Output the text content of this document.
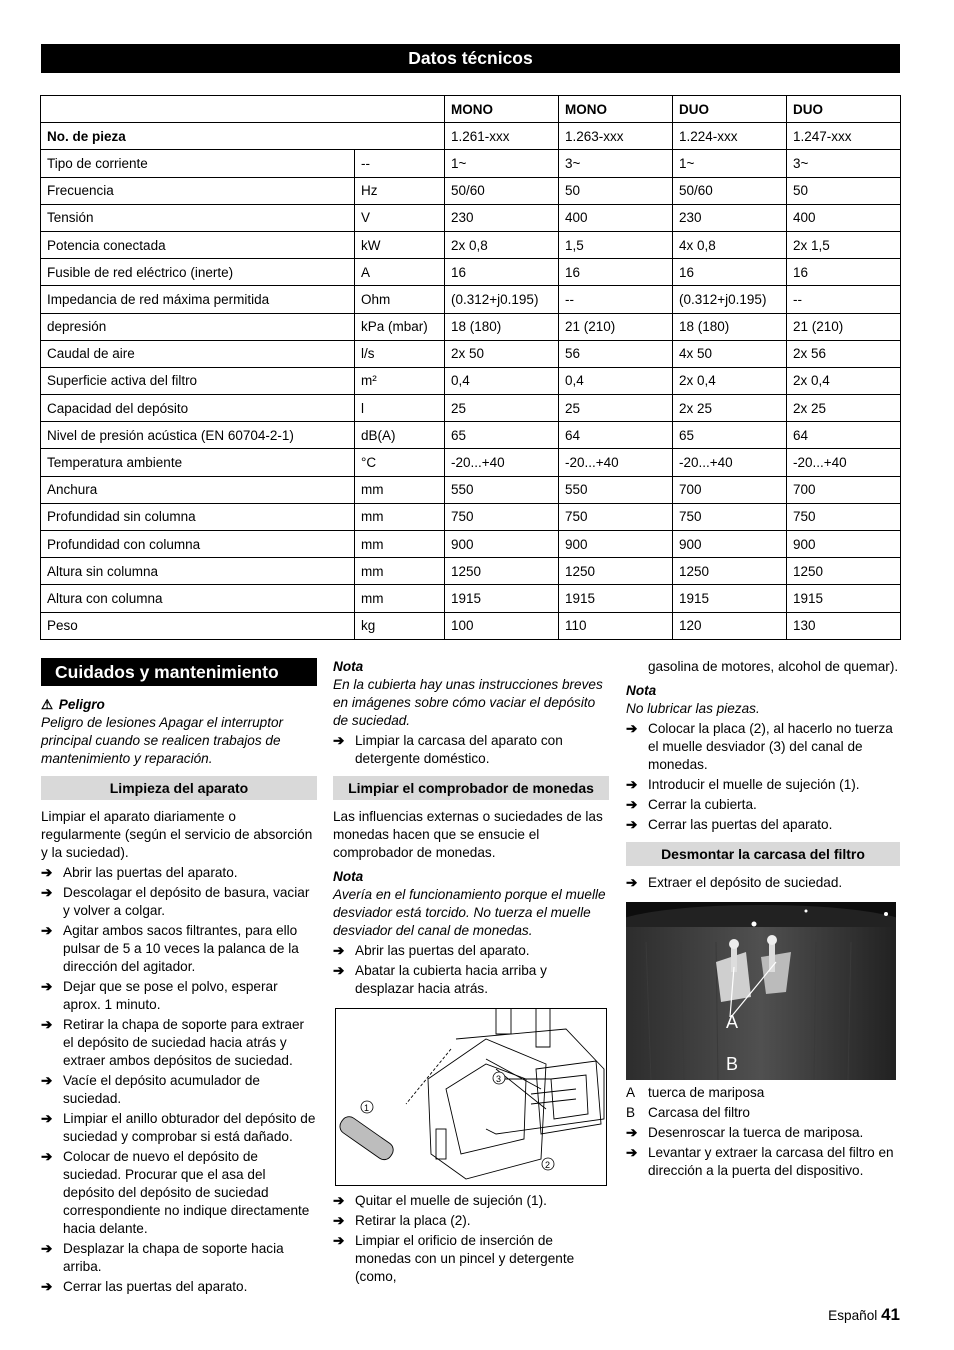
Datos técnicos
		MONO	MONO	DUO	DUO
No. de pieza		1.261-xxx	1.263-xxx	1.224-xxx	1.247-xxx
Tipo de corriente	--	1~	3~	1~	3~
Frecuencia	Hz	50/60	50	50/60	50
Tensión	V	230	400	230	400
Potencia conectada	kW	2x 0,8	1,5	4x 0,8	2x 1,5
Fusible de red eléctrico (inerte)	A	16	16	16	16
Impedancia de red máxima permitida	Ohm	(0.312+j0.195)	--	(0.312+j0.195)	--
depresión	kPa (mbar)	18 (180)	21 (210)	18 (180)	21 (210)
Caudal de aire	l/s	2x 50	56	4x 50	2x 56
Superficie activa del filtro	m²	0,4	0,4	2x 0,4	2x 0,4
Capacidad del depósito	l	25	25	2x 25	2x 25
Nivel de presión acústica (EN 60704-2-1)	dB(A)	65	64	65	64
Temperatura ambiente	°C	-20...+40	-20...+40	-20...+40	-20...+40
Anchura	mm	550	550	700	700
Profundidad sin columna	mm	750	750	750	750
Profundidad con columna	mm	900	900	900	900
Altura sin columna	mm	1250	1250	1250	1250
Altura con columna	mm	1915	1915	1915	1915
Peso	kg	100	110	120	130
Cuidados y mantenimiento
⚠ Peligro
Peligro de lesiones Apagar el interruptor principal cuando se realicen trabajos de mantenimiento y reparación.
Limpieza del aparato
Limpiar el aparato diariamente o regularmente (según el servicio de absorción y la suciedad).
➔ Abrir las puertas del aparato.
➔ Descolagar el depósito de basura, vaciar y volver a colgar.
➔ Agitar ambos sacos filtrantes, para ello pulsar de 5 a 10 veces la palanca de la dirección del agitador.
➔ Dejar que se pose el polvo, esperar aprox. 1 minuto.
➔ Retirar la chapa de soporte para extraer el depósito de suciedad hacia atrás y extraer ambos depósitos de suciedad.
➔ Vacíe el depósito acumulador de suciedad.
➔ Limpiar el anillo obturador del depósito de suciedad y comprobar si está dañado.
➔ Colocar de nuevo el depósito de suciedad. Procurar que el asa del depósito del depósito de suciedad correspondiente no indique directamente hacia delante.
➔ Desplazar la chapa de soporte hacia arriba.
➔ Cerrar las puertas del aparato.
Nota
En la cubierta hay unas instrucciones breves en imágenes sobre cómo vaciar el depósito de suciedad.
➔ Limpiar la carcasa del aparato con detergente doméstico.
Limpiar el comprobador de monedas
Las influencias externas o suciedades de las monedas hacen que se ensucie el comprobador de monedas.
Nota
Avería en el funcionamiento porque el muelle desviador está torcido. No tuerza el muelle desviador del canal de monedas.
➔ Abrir las puertas del aparato.
➔ Abatar la cubierta hacia arriba y desplazar hacia atrás.
1
2
3
➔ Quitar el muelle de sujeción (1).
➔ Retirar la placa (2).
➔ Limpiar el orificio de inserción de monedas con un pincel y detergente (como,
gasolina de motores, alcohol de quemar).
Nota
No lubricar las piezas.
➔ Colocar la placa (2), al hacerlo no tuerza el muelle desviador (3) del canal de monedas.
➔ Introducir el muelle de sujeción (1).
➔ Cerrar la cubierta.
➔ Cerrar las puertas del aparato.
Desmontar la carcasa del filtro
➔ Extraer el depósito de suciedad.
A
B
A tuerca de mariposa
B Carcasa del filtro
➔ Desenroscar la tuerca de mariposa.
➔ Levantar y extraer la carcasa del filtro en dirección a la puerta del dispositivo.
Español 41
